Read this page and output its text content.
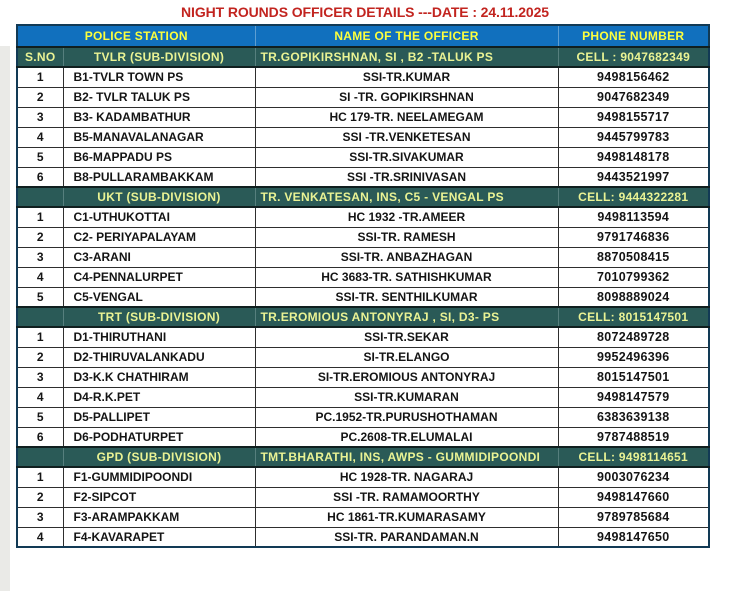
NIGHT ROUNDS OFFICER DETAILS ---DATE : 24.11.2025
POLICE STATION		NAME OF THE OFFICER	PHONE NUMBER
S.NO	TVLR (SUB-DIVISION)	TR.GOPIKIRSHNAN, SI , B2 -TALUK PS	CELL : 9047682349
1	B1-TVLR TOWN PS	SSI-TR.KUMAR	9498156462
2	B2- TVLR TALUK PS	SI -TR. GOPIKIRSHNAN	9047682349
3	B3- KADAMBATHUR	HC 179-TR. NEELAMEGAM	9498155717
4	B5-MANAVALANAGAR	SSI -TR.VENKETESAN	9445799783
5	B6-MAPPADU PS	SSI-TR.SIVAKUMAR	9498148178
6	B8-PULLARAMBAKKAM	SSI -TR.SRINIVASAN	9443521997
	UKT (SUB-DIVISION)	TR. VENKATESAN, INS, C5 - VENGAL PS	CELL: 9444322281
1	C1-UTHUKOTTAI	HC 1932 -TR.AMEER	9498113594
2	C2- PERIYAPALAYAM	SSI-TR. RAMESH	9791746836
3	C3-ARANI	SSI-TR. ANBAZHAGAN	8870508415
4	C4-PENNALURPET	HC 3683-TR. SATHISHKUMAR	7010799362
5	C5-VENGAL	SSI-TR. SENTHILKUMAR	8098889024
	TRT (SUB-DIVISION)	TR.EROMIOUS ANTONYRAJ , SI, D3- PS	CELL: 8015147501
1	D1-THIRUTHANI	SSI-TR.SEKAR	8072489728
2	D2-THIRUVALANKADU	SI-TR.ELANGO	9952496396
3	D3-K.K CHATHIRAM	SI-TR.EROMIOUS ANTONYRAJ	8015147501
4	D4-R.K.PET	SSI-TR.KUMARAN	9498147579
5	D5-PALLIPET	PC.1952-TR.PURUSHOTHAMAN	6383639138
6	D6-PODHATURPET	PC.2608-TR.ELUMALAI	9787488519
	GPD (SUB-DIVISION)	TMT.BHARATHI, INS, AWPS - GUMMIDIPOONDI	CELL: 9498114651
1	F1-GUMMIDIPOONDI	HC 1928-TR. NAGARAJ	9003076234
2	F2-SIPCOT	SSI -TR. RAMAMOORTHY	9498147660
3	F3-ARAMPAKKAM	HC 1861-TR.KUMARASAMY	9789785684
4	F4-KAVARAPET	SSI-TR. PARANDAMAN.N	9498147650
